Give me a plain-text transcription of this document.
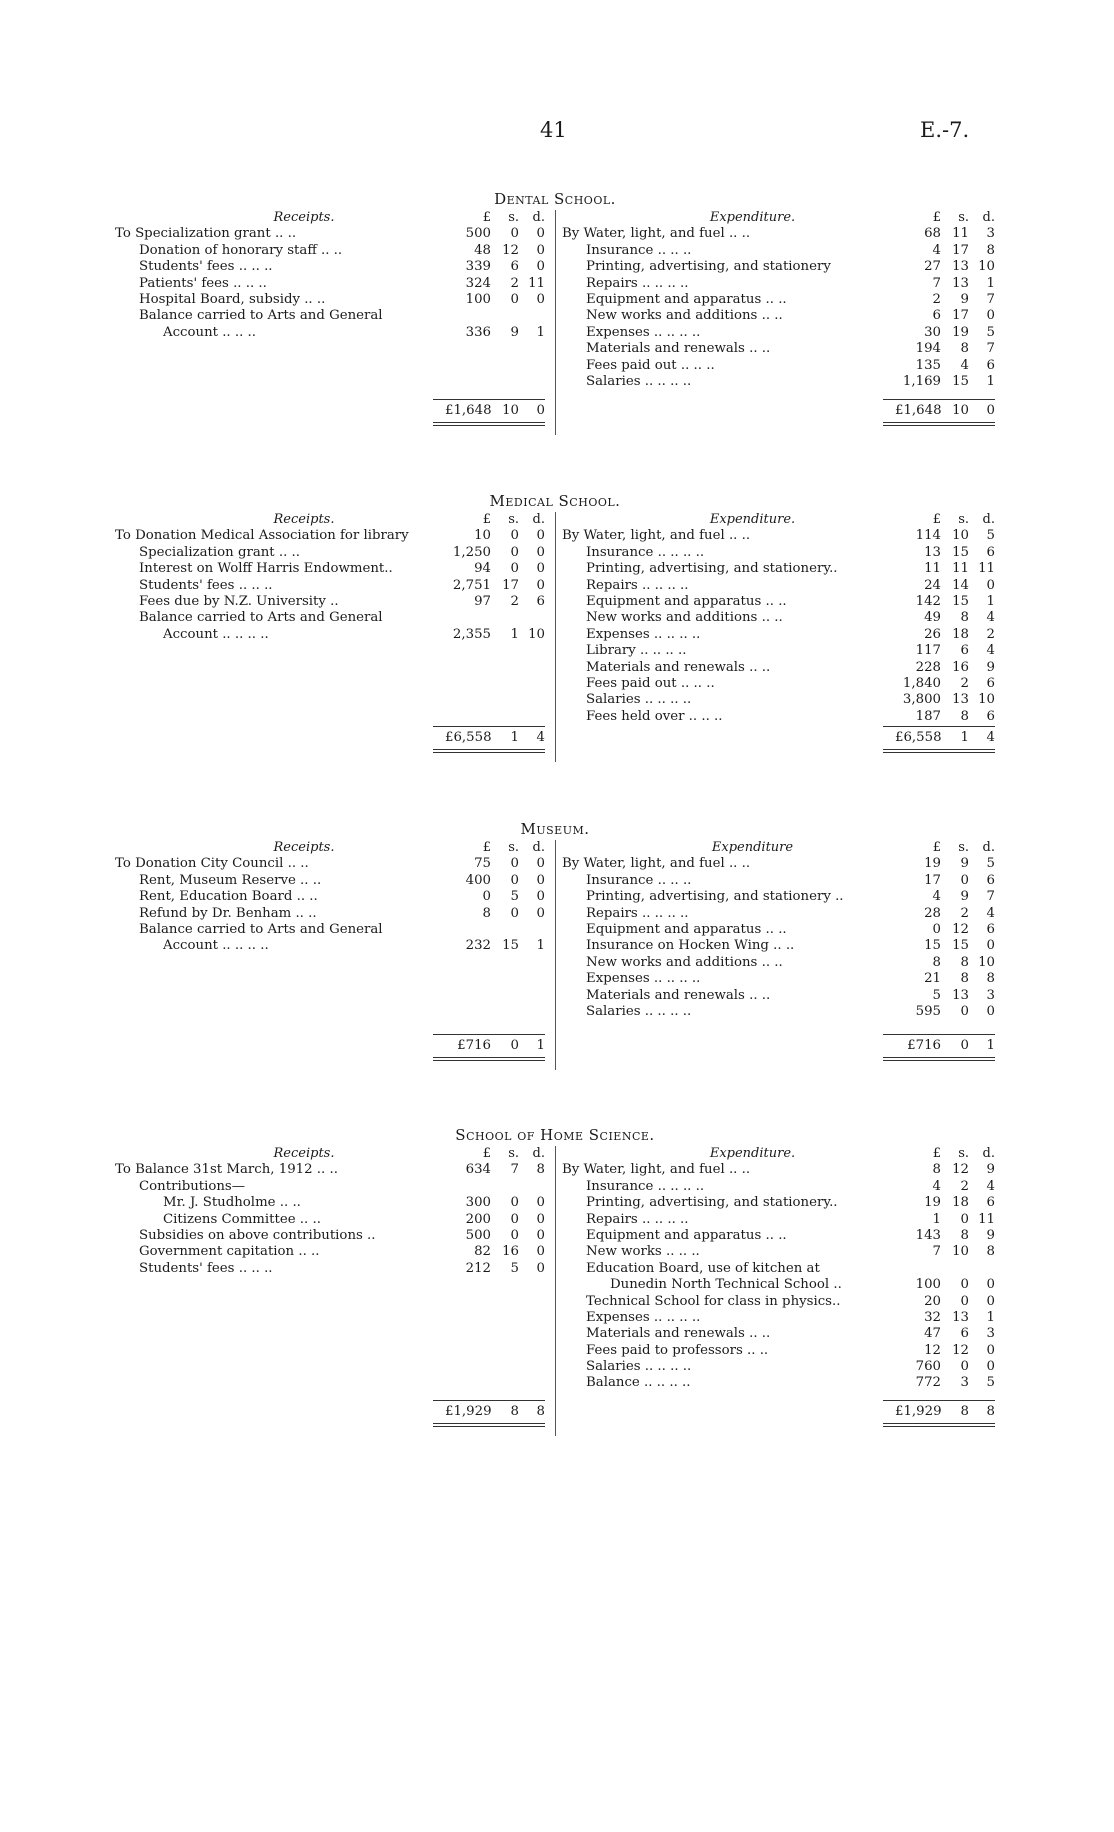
41	E.-7.
Dental School.
Receipts.	£	s.	d.
To Specialization grant .. ..	500	0	0
Donation of honorary staff .. ..	48 12	0
Students' fees .. .. ..	339	6	0
Patients' fees .. .. ..	324	2 11
Hospital Board, subsidy .. ..	100	0	0
Balance carried to Arts and General
Account .. .. ..	336	9	1
£1,648 10	0
Expenditure.	£	s.	d.
By Water, light, and fuel .. ..	68 11	3
Insurance .. .. ..	4 17	8
Printing, advertising, and stationery	27 13 10
Repairs .. .. .. ..	7 13	1
Equipment and apparatus .. ..	2	9	7
New works and additions .. ..	6 17	0
Expenses .. .. .. ..	30 19	5
Materials and renewals .. ..	194	8	7
Fees paid out .. .. ..	135	4	6
Salaries .. .. .. ..	1,169 15	1
£1,648 10	0
Medical School.
Receipts.	£	s.	d.
To Donation Medical Association for library	10	0	0
Specialization grant .. ..	1,250	0	0
Interest on Wolff Harris Endowment..	94	0	0
Students' fees .. .. ..	2,751 17	0
Fees due by N.Z. University ..	97	2	6
Balance carried to Arts and General
Account .. .. .. ..	2,355	1 10
£6,558	1	4
Expenditure.	£	s.	d.
By Water, light, and fuel .. ..	114 10	5
Insurance .. .. .. ..	13 15	6
Printing, advertising, and stationery..	11 11 11
Repairs .. .. .. ..	24 14	0
Equipment and apparatus .. ..	142 15	1
New works and additions .. ..	49	8	4
Expenses .. .. .. ..	26 18	2
Library .. .. .. ..	117	6	4
Materials and renewals .. ..	228 16	9
Fees paid out .. .. ..	1,840	2	6
Salaries .. .. .. ..	3,800 13 10
Fees held over .. .. ..	187	8	6
£6,558	1	4
Museum.
Receipts.	£	s.	d.
To Donation City Council .. ..	75	0	0
Rent, Museum Reserve .. ..	400	0	0
Rent, Education Board .. ..	0	5	0
Refund by Dr. Benham .. ..	8	0	0
Balance carried to Arts and General
Account .. .. .. ..	232 15	1
£716	0	1
Expenditure	£	s.	d.
By Water, light, and fuel .. ..	19	9	5
Insurance .. .. ..	17	0	6
Printing, advertising, and stationery ..	4	9	7
Repairs .. .. .. ..	28	2	4
Equipment and apparatus .. ..	0 12	6
Insurance on Hocken Wing .. ..	15 15	0
New works and additions .. ..	8	8 10
Expenses .. .. .. ..	21	8	8
Materials and renewals .. ..	5 13	3
Salaries .. .. .. ..	595	0	0
£716	0	1
School of Home Science.
Receipts.	£	s.	d.
To Balance 31st March, 1912 .. ..	634	7	8
Contributions—
Mr. J. Studholme .. ..	300	0	0
Citizens Committee .. ..	200	0	0
Subsidies on above contributions ..	500	0	0
Government capitation .. ..	82 16	0
Students' fees .. .. ..	212	5	0
£1,929	8	8
Expenditure.	£	s.	d.
By Water, light, and fuel .. ..	8 12	9
Insurance .. .. .. ..	4	2	4
Printing, advertising, and stationery..	19 18	6
Repairs .. .. .. ..	1	0 11
Equipment and apparatus .. ..	143	8	9
New works .. .. ..	7 10	8
Education Board, use of kitchen at
Dunedin North Technical School ..	100	0	0
Technical School for class in physics..	20	0	0
Expenses .. .. .. ..	32 13	1
Materials and renewals .. ..	47	6	3
Fees paid to professors .. ..	12 12	0
Salaries .. .. .. ..	760	0	0
Balance .. .. .. ..	772	3	5
£1,929	8	8
